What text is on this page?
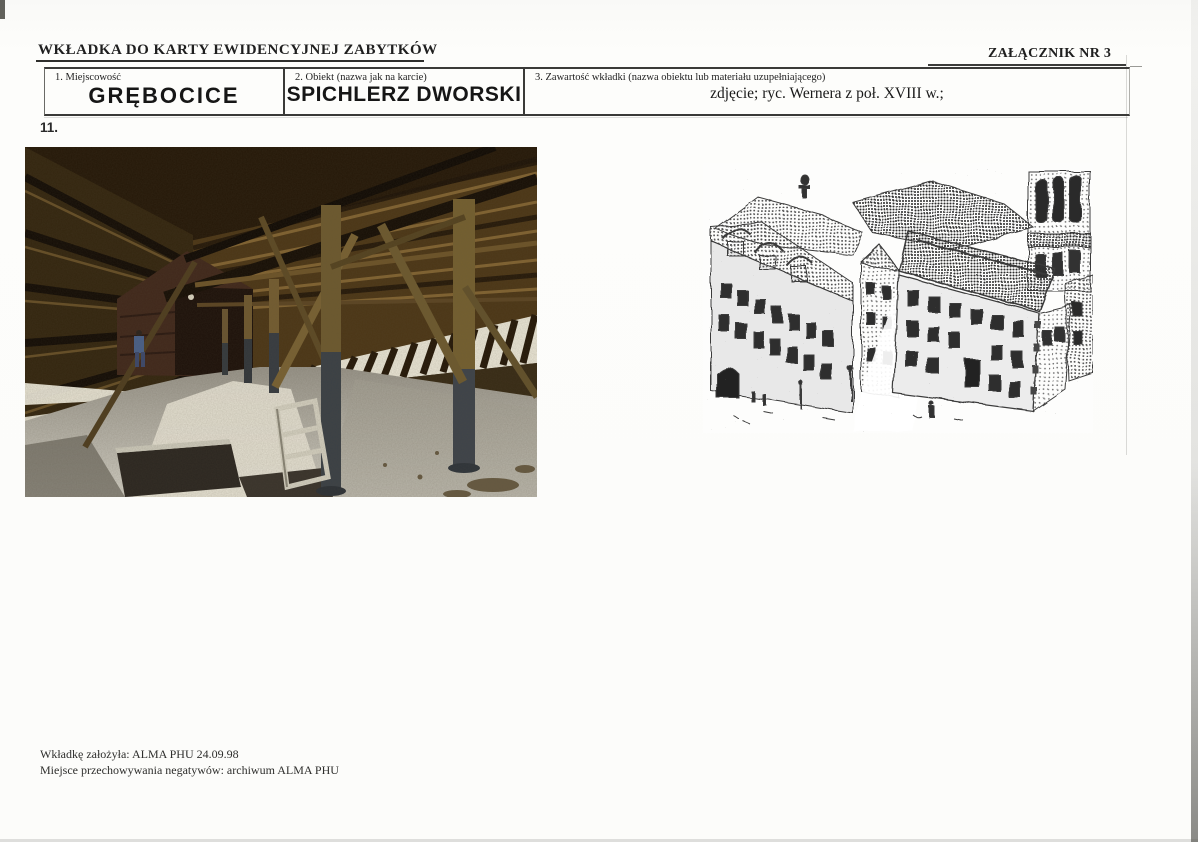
WKŁADKA DO KARTY EWIDENCYJNEJ ZABYTKÓW	ZAŁĄCZNIK NR 3
1. Miejscowość
GRĘBOCICE
2. Obiekt (nazwa jak na karcie)
SPICHLERZ DWORSKI
3. Zawartość wkładki (nazwa obiektu lub materiału uzupełniającego)
zdjęcie; ryc. Wernera z poł. XVIII w.;
11.
Wkładkę założyła: ALMA PHU 24.09.98
Miejsce przechowywania negatywów: archiwum ALMA PHU
